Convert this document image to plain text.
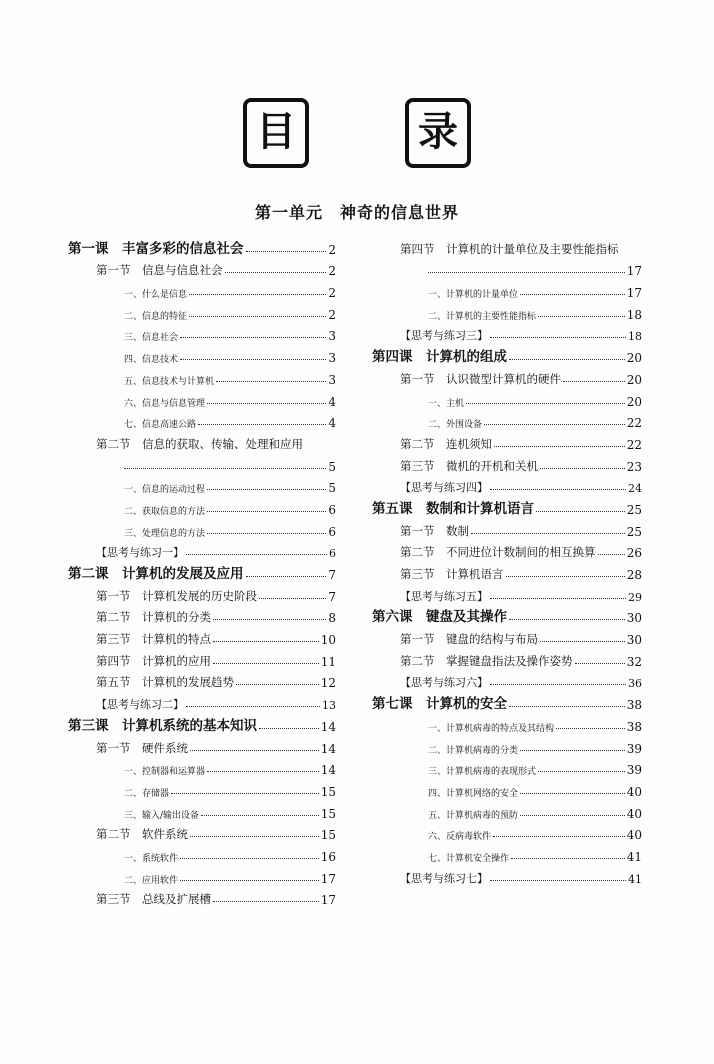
目	录
第一单元　神奇的信息世界
第一课　丰富多彩的信息社会	2
第一节　信息与信息社会	2
一、什么是信息	2
二、信息的特征	2
三、信息社会	3
四、信息技术	3
五、信息技术与计算机	3
六、信息与信息管理	4
七、信息高速公路	4
第二节　信息的获取、传输、处理和应用
5
一、信息的运动过程	5
二、获取信息的方法	6
三、处理信息的方法	6
【思考与练习一】	6
第二课　计算机的发展及应用	7
第一节　计算机发展的历史阶段	7
第二节　计算机的分类	8
第三节　计算机的特点	10
第四节　计算机的应用	11
第五节　计算机的发展趋势	12
【思考与练习二】	13
第三课　计算机系统的基本知识	14
第一节　硬件系统	14
一、控制器和运算器	14
二、存储器	15
三、输入/输出设备	15
第二节　软件系统	15
一、系统软件	16
二、应用软件	17
第三节　总线及扩展槽	17
第四节　计算机的计量单位及主要性能指标
17
一、计算机的计量单位	17
二、计算机的主要性能指标	18
【思考与练习三】	18
第四课　计算机的组成	20
第一节　认识微型计算机的硬件	20
一、主机	20
二、外围设备	22
第二节　连机须知	22
第三节　微机的开机和关机	23
【思考与练习四】	24
第五课　数制和计算机语言	25
第一节　数制	25
第二节　不同进位计数制间的相互换算	26
第三节　计算机语言	28
【思考与练习五】	29
第六课　键盘及其操作	30
第一节　键盘的结构与布局	30
第二节　掌握键盘指法及操作姿势	32
【思考与练习六】	36
第七课　计算机的安全	38
一、计算机病毒的特点及其结构	38
二、计算机病毒的分类	39
三、计算机病毒的表现形式	39
四、计算机网络的安全	40
五、计算机病毒的预防	40
六、反病毒软件	40
七、计算机安全操作	41
【思考与练习七】	41
